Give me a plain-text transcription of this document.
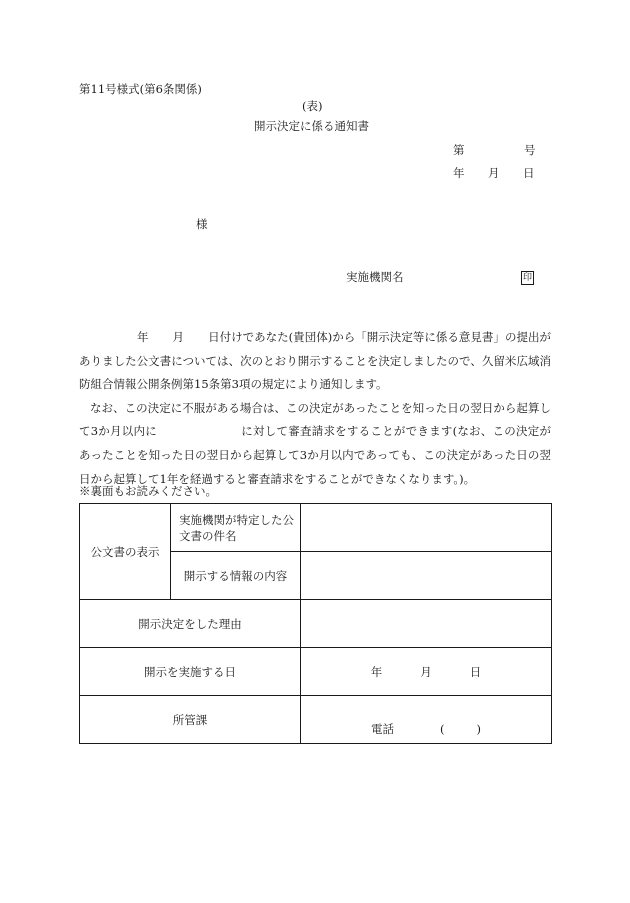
第11号様式(第6条関係)
(表)
開示決定に係る通知書
第	号
年 月 日
様
実施機関名	印

年 月 日付けであなた(貴団体)から「開示決定等に係る意見書」の提出がありました公文書については、次のとおり開示することを決定しましたので、久留米広域消防組合情報公開条例第15条第3項の規定により通知します。

なお、この決定に不服がある場合は、この決定があったことを知った日の翌日から起算して3か月以内に	に対して審査請求をすることができます(なお、この決定があったことを知った日の翌日から起算して3か月以内であっても、この決定があった日の翌日から起算して1年を経過すると審査請求をすることができなくなります。)。

※裏面もお読みください。
公文書の表示	実施機関が特定した公文書の件名	
	開示する情報の内容	
開示決定をした理由		
開示を実施する日		年 月 日
所管課		電話 ( )
